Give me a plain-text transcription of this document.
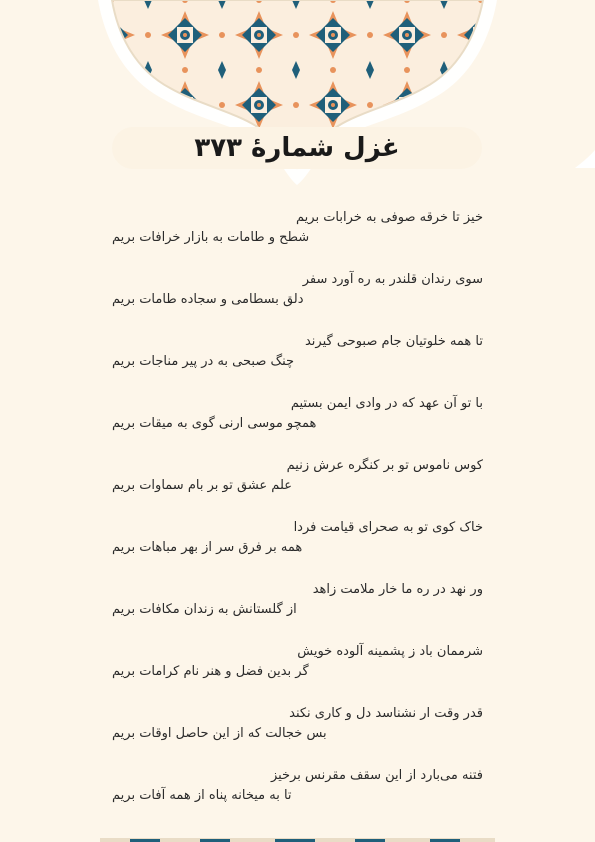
غزل شمارهٔ ۳۷۳
خیز تا خرقه صوفی به خرابات بریم
شطح و طامات به بازار خرافات بریم
سوی رندان قلندر به ره آورد سفر
دلق بسطامی و سجاده طامات بریم
تا همه خلوتیان جام صبوحی گیرند
چنگ صبحی به در پیر مناجات بریم
با تو آن عهد که در وادی ایمن بستیم
همچو موسی ارنی گوی به میقات بریم
کوس ناموس تو بر کنگره عرش زنیم
علم عشق تو بر بام سماوات بریم
خاک کوی تو به صحرای قیامت فردا
همه بر فرق سر از بهر مباهات بریم
ور نهد در ره ما خار ملامت زاهد
از گلستانش به زندان مکافات بریم
شرممان باد ز پشمینه آلوده خویش
گر بدین فضل و هنر نام کرامات بریم
قدر وقت ار نشناسد دل و کاری نکند
بس خجالت که از این حاصل اوقات بریم
فتنه می‌بارد از این سقف مقرنس برخیز
تا به میخانه پناه از همه آفات بریم
